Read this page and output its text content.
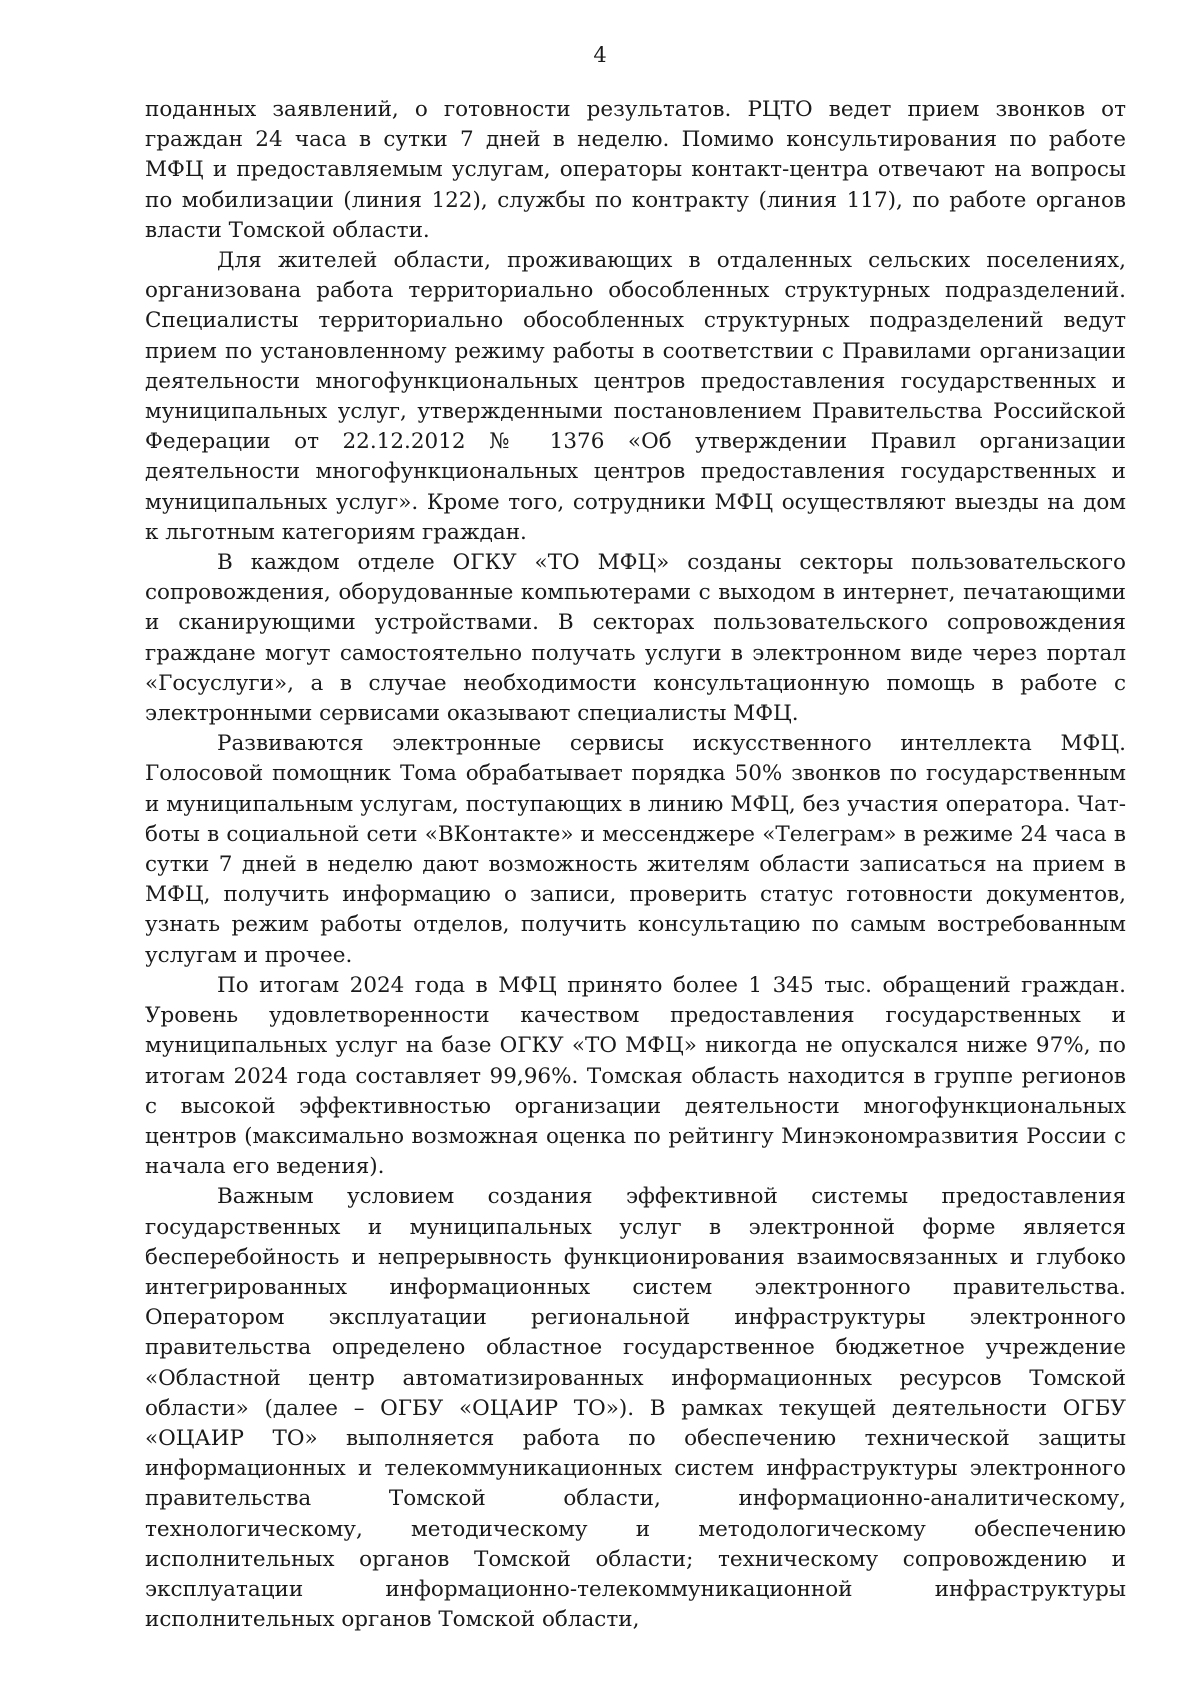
4

поданных заявлений, о готовности результатов. РЦТО ведет прием звонков от граждан 24 часа в сутки 7 дней в неделю. Помимо консультирования по работе МФЦ и предоставляемым услугам, операторы контакт-центра отвечают на вопросы по мобилизации (линия 122), службы по контракту (линия 117), по работе органов власти Томской области.

Для жителей области, проживающих в отдаленных сельских поселениях, организована работа территориально обособленных структурных подразделений. Специалисты территориально обособленных структурных подразделений ведут прием по установленному режиму работы в соответствии с Правилами организации деятельности многофункциональных центров предоставления государственных и муниципальных услуг, утвержденными постановлением Правительства Российской Федерации от 22.12.2012 № 1376 «Об утверждении Правил организации деятельности многофункциональных центров предоставления государственных и муниципальных услуг». Кроме того, сотрудники МФЦ осуществляют выезды на дом к льготным категориям граждан.

В каждом отделе ОГКУ «ТО МФЦ» созданы секторы пользовательского сопровождения, оборудованные компьютерами с выходом в интернет, печатающими и сканирующими устройствами. В секторах пользовательского сопровождения граждане могут самостоятельно получать услуги в электронном виде через портал «Госуслуги», а в случае необходимости консультационную помощь в работе с электронными сервисами оказывают специалисты МФЦ.

Развиваются электронные сервисы искусственного интеллекта МФЦ. Голосовой помощник Тома обрабатывает порядка 50% звонков по государственным и муниципальным услугам, поступающих в линию МФЦ, без участия оператора. Чат-боты в социальной сети «ВКонтакте» и мессенджере «Телеграм» в режиме 24 часа в сутки 7 дней в неделю дают возможность жителям области записаться на прием в МФЦ, получить информацию о записи, проверить статус готовности документов, узнать режим работы отделов, получить консультацию по самым востребованным услугам и прочее.

По итогам 2024 года в МФЦ принято более 1 345 тыс. обращений граждан. Уровень удовлетворенности качеством предоставления государственных и муниципальных услуг на базе ОГКУ «ТО МФЦ» никогда не опускался ниже 97%, по итогам 2024 года составляет 99,96%. Томская область находится в группе регионов с высокой эффективностью организации деятельности многофункциональных центров (максимально возможная оценка по рейтингу Минэкономразвития России с начала его ведения).

Важным условием создания эффективной системы предоставления государственных и муниципальных услуг в электронной форме является бесперебойность и непрерывность функционирования взаимосвязанных и глубоко интегрированных информационных систем электронного правительства. Оператором эксплуатации региональной инфраструктуры электронного правительства определено областное государственное бюджетное учреждение «Областной центр автоматизированных информационных ресурсов Томской области» (далее – ОГБУ «ОЦАИР ТО»). В рамках текущей деятельности ОГБУ «ОЦАИР ТО» выполняется работа по обеспечению технической защиты информационных и телекоммуникационных систем инфраструктуры электронного правительства Томской области, информационно-аналитическому, технологическому, методическому и методологическому обеспечению исполнительных органов Томской области; техническому сопровождению и эксплуатации информационно-телекоммуникационной инфраструктуры исполнительных органов Томской области,
